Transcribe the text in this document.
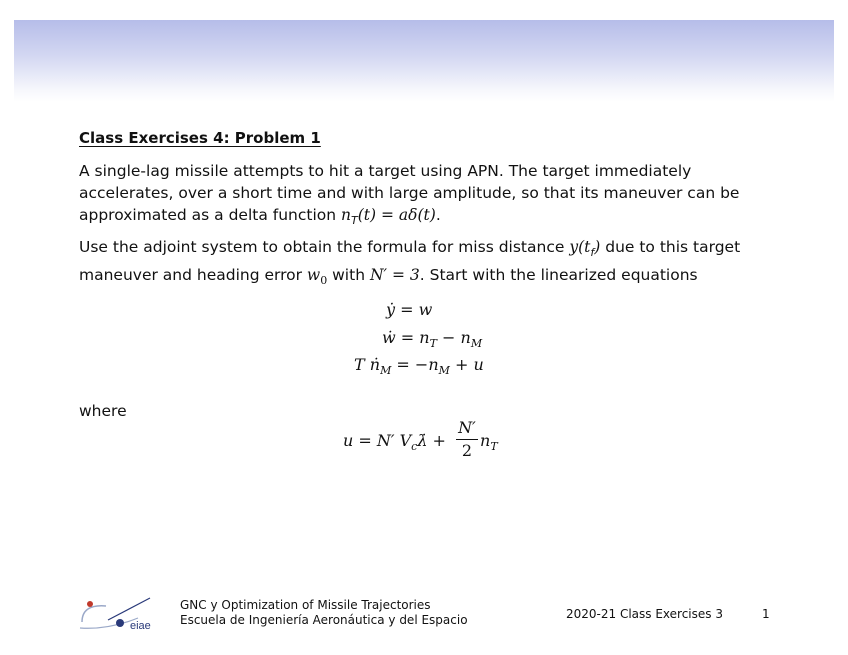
Class Exercises 4: Problem 1
A single-lag missile attempts to hit a target using APN. The target immediately
accelerates, over a short time and with large amplitude, so that its maneuver can be
approximated as a delta function $n_T(t) = a\delta(t)$.
Use the adjoint system to obtain the formula for miss distance $y(t_f)$ due to this target
maneuver and heading error $w_0$ with N′ = 3. Start with the linearized equations
ẏ = w
ẇ = $n_T - n_M$
T ṅ$_M$ = $-n_M + u$
where
u = N′ $V_c\lambdȧ$ +
N′
2
$n_T$
eiae
GNC y Optimization of Missile Trajectories
Escuela de Ingeniería Aeronáutica y del Espacio	2020-21 Class Exercises 3	1
